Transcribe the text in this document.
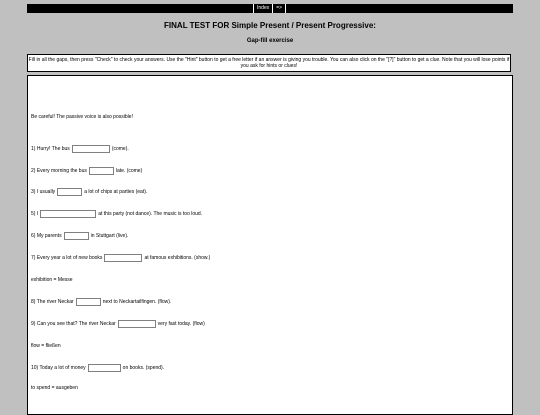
Index	=>
FINAL TEST FOR Simple Present / Present Progressive:
Gap-fill exercise
Fill in all the gaps, then press "Check" to check your answers. Use the "Hint" button to get a free letter if an answer is giving you trouble. You can also click on the "[?]" button to get a clue. Note that you will lose points if you ask for hints or clues!
Be careful! The passive voice is also possible!
1) Hurry! The bus	(come).
2) Every morning the bus	late. (come)
3) I usually	a lot of chips at parties (eat).
5) I	at this party (not dance). The music is too loud.
6) My parents	in Stuttgart (live).
7) Every year a lot of new books	at famous exhibitions. (show.)
exhibition = Messe
8) The river Neckar	next to Neckartailfingen. (flow).
9) Can you see that? The river Neckar	very fast today. (flow)
flow = fließen
10) Today a lot of money	on books. (spend).
to spend = ausgeben
